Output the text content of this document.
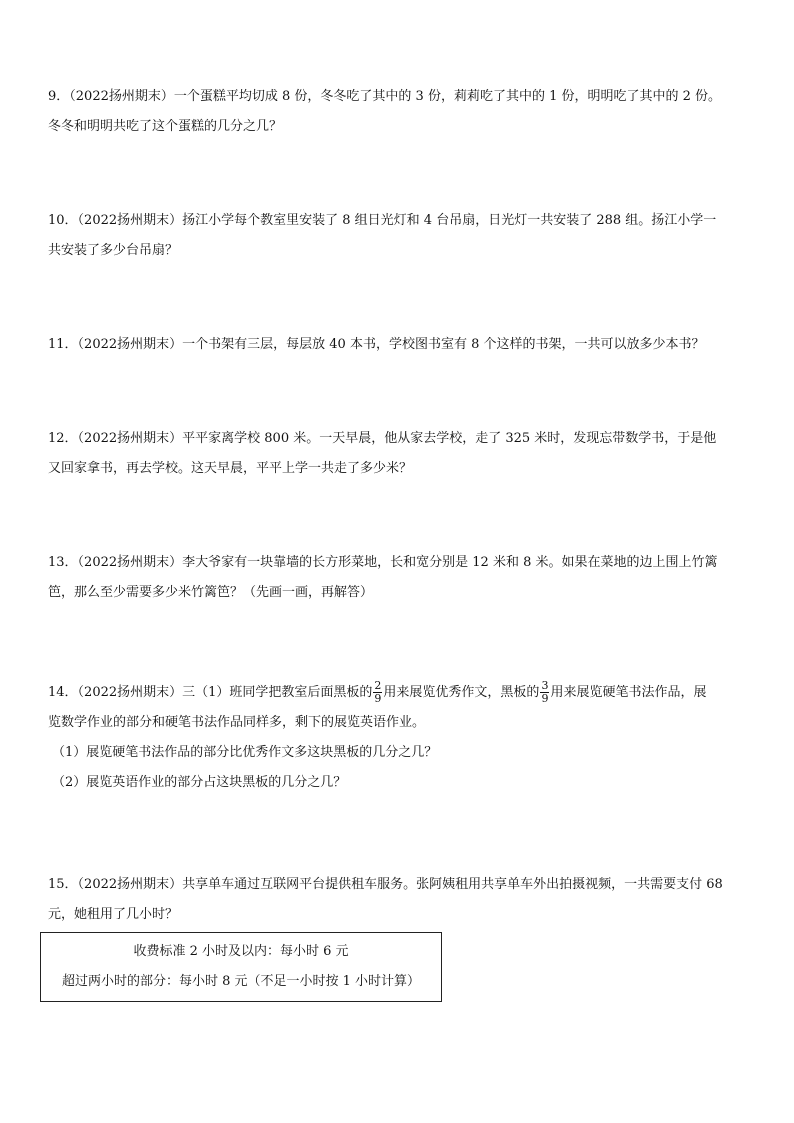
9．（2022扬州期末）一个蛋糕平均切成 8 份，冬冬吃了其中的 3 份，莉莉吃了其中的 1 份，明明吃了其中的 2 份。

冬冬和明明共吃了这个蛋糕的几分之几？

10．（2022扬州期末）扬江小学每个教室里安装了 8 组日光灯和 4 台吊扇，日光灯一共安装了 288 组。扬江小学一

共安装了多少台吊扇？

11．（2022扬州期末）一个书架有三层，每层放 40 本书，学校图书室有 8 个这样的书架，一共可以放多少本书？

12．（2022扬州期末）平平家离学校 800 米。一天早晨，他从家去学校，走了 325 米时，发现忘带数学书，于是他

又回家拿书，再去学校。这天早晨，平平上学一共走了多少米？

13．（2022扬州期末）李大爷家有一块靠墙的长方形菜地，长和宽分别是 12 米和 8 米。如果在菜地的边上围上竹篱

笆，那么至少需要多少米竹篱笆？（先画一画，再解答）

14．（2022扬州期末）三（1）班同学把教室后面黑板的 $\frac{2}{9}$ 用来展览优秀作文，黑板的 $\frac{3}{9}$ 用来展览硬笔书法作品，展

览数学作业的部分和硬笔书法作品同样多，剩下的展览英语作业。

（1）展览硬笔书法作品的部分比优秀作文多这块黑板的几分之几？

（2）展览英语作业的部分占这块黑板的几分之几？

15．（2022扬州期末）共享单车通过互联网平台提供租车服务。张阿姨租用共享单车外出拍摄视频，一共需要支付 68

元，她租用了几小时？

收费标准 2 小时及以内：每小时 6 元
超过两小时的部分：每小时 8 元（不足一小时按 1 小时计算）
